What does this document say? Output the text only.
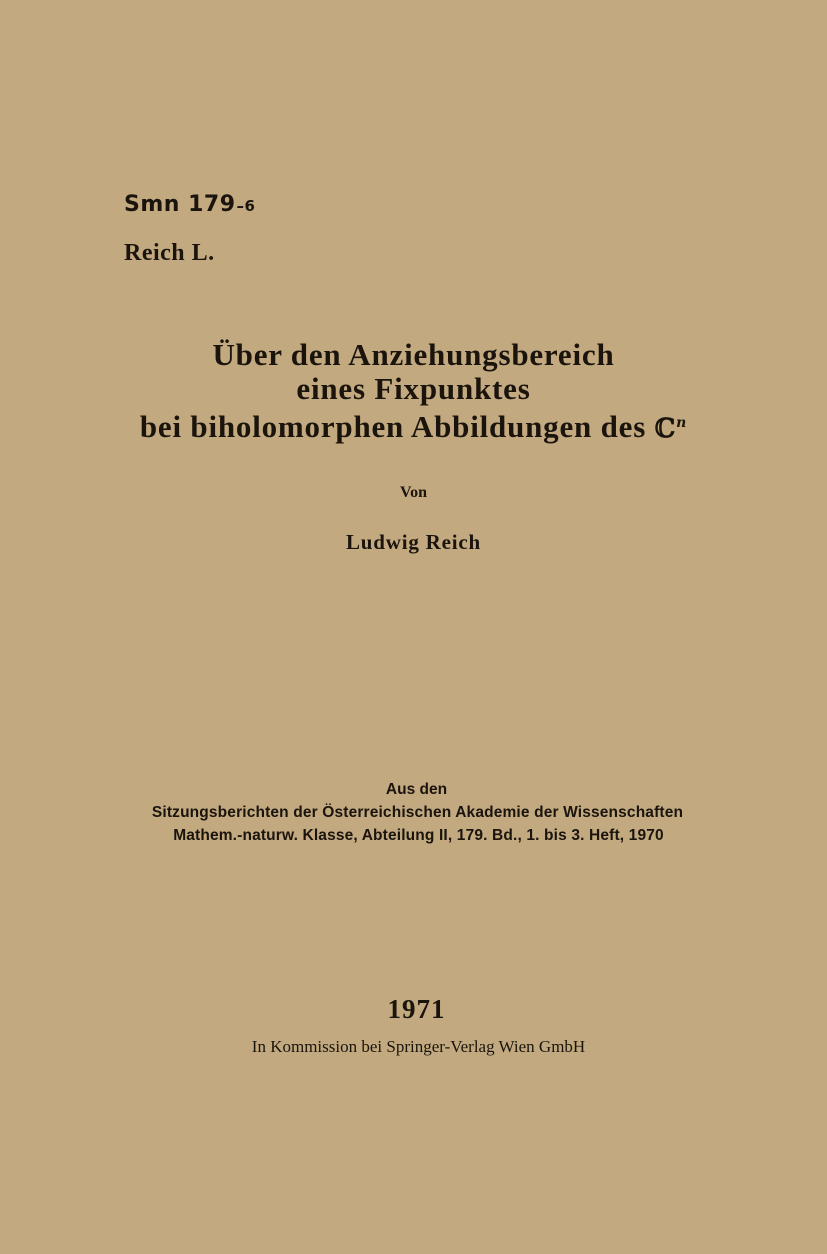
Smn 179–6
Reich L.
Über den Anziehungsbereich
eines Fixpunktes
bei biholomorphen Abbildungen des ℂ$^n$
Von
Ludwig Reich
Aus den
Sitzungsberichten der Österreichischen Akademie der Wissenschaften
Mathem.-naturw. Klasse, Abteilung II, 179. Bd., 1. bis 3. Heft, 1970
1971
In Kommission bei Springer-Verlag Wien GmbH
